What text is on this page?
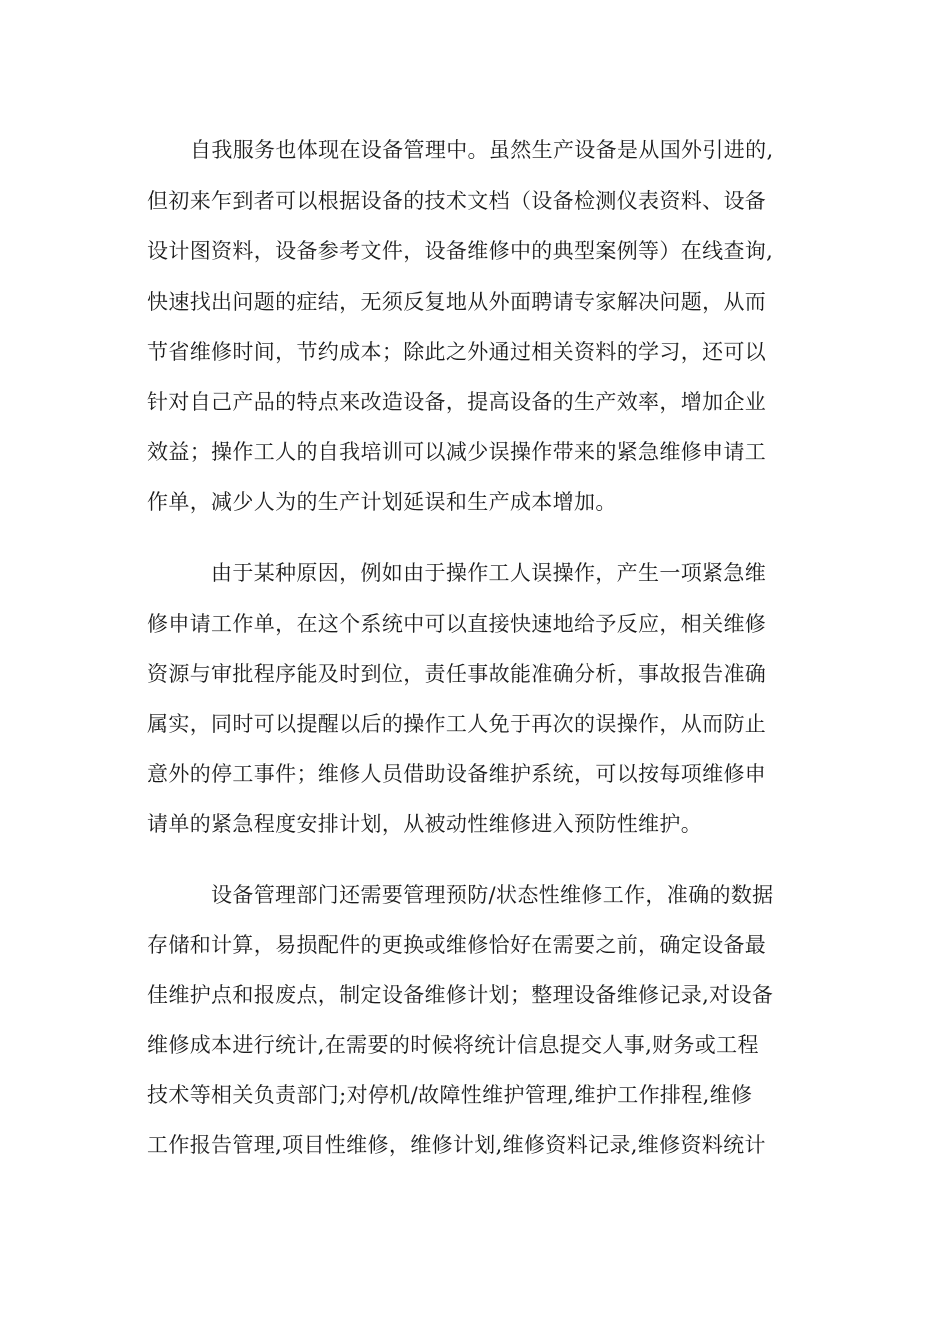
自我服务也体现在设备管理中。虽然生产设备是从国外引进的,
但初来乍到者可以根据设备的技术文档（设备检测仪表资料、设备
设计图资料，设备参考文件，设备维修中的典型案例等）在线查询,
快速找出问题的症结，无须反复地从外面聘请专家解决问题，从而
节省维修时间，节约成本；除此之外通过相关资料的学习，还可以
针对自己产品的特点来改造设备，提高设备的生产效率，增加企业
效益；操作工人的自我培训可以减少误操作带来的紧急维修申请工
作单，减少人为的生产计划延误和生产成本增加。
由于某种原因，例如由于操作工人误操作，产生一项紧急维
修申请工作单，在这个系统中可以直接快速地给予反应，相关维修
资源与审批程序能及时到位，责任事故能准确分析，事故报告准确
属实，同时可以提醒以后的操作工人免于再次的误操作，从而防止
意外的停工事件；维修人员借助设备维护系统，可以按每项维修申
请单的紧急程度安排计划，从被动性维修进入预防性维护。
设备管理部门还需要管理预防/状态性维修工作，准确的数据
存储和计算，易损配件的更换或维修恰好在需要之前，确定设备最
佳维护点和报废点，制定设备维修计划；整理设备维修记录,对设备
维修成本进行统计,在需要的时候将统计信息提交人事,财务或工程
技术等相关负责部门;对停机/故障性维护管理,维护工作排程,维修
工作报告管理,项目性维修，维修计划,维修资料记录,维修资料统计
